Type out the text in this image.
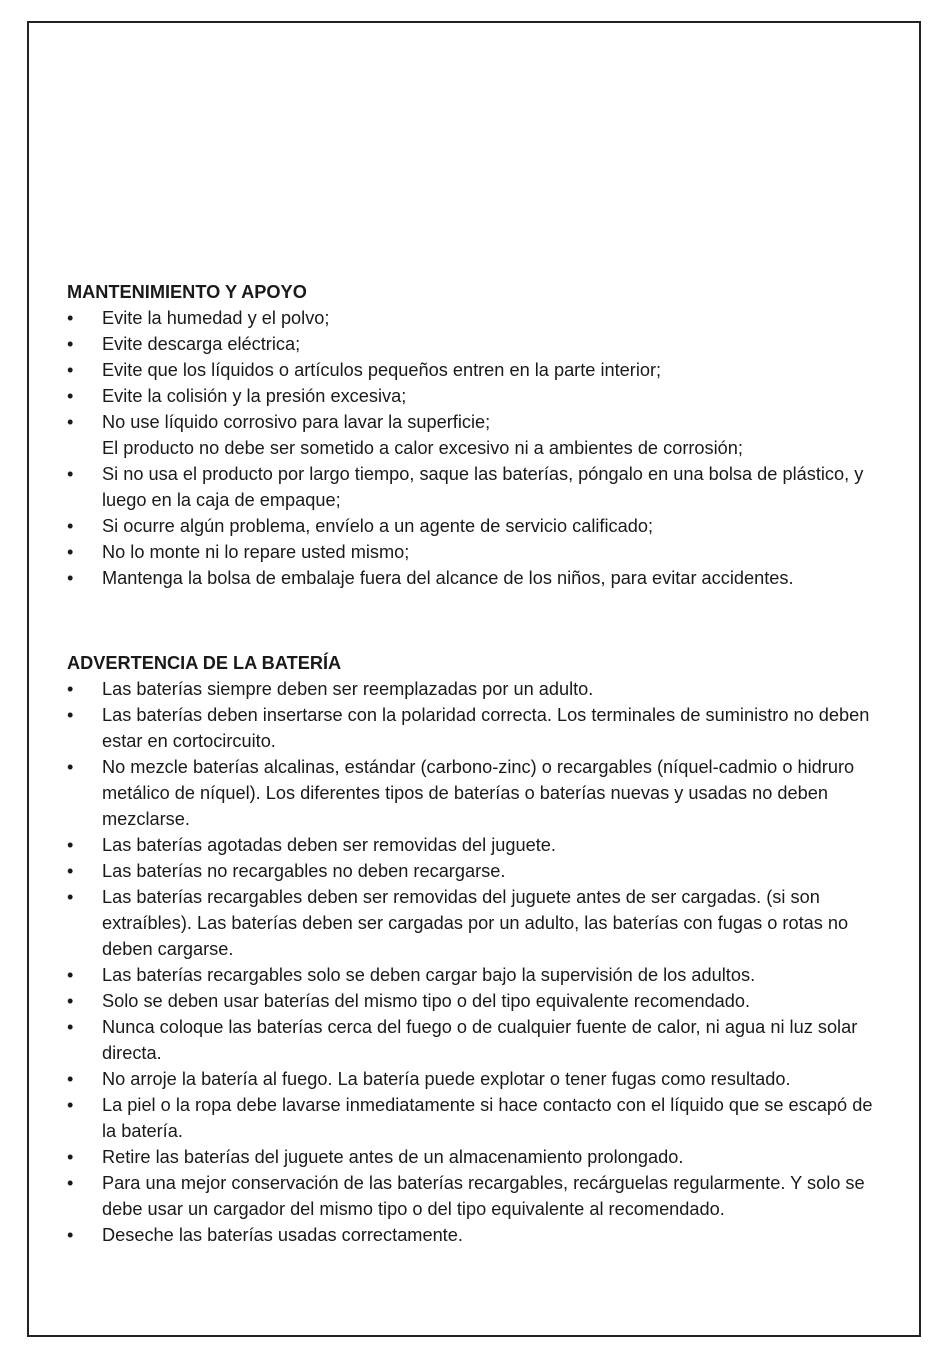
MANTENIMIENTO Y APOYO

•	Evite la humedad y el polvo;
•	Evite descarga eléctrica;
•	Evite que los líquidos o artículos pequeños entren en la parte interior;
•	Evite la colisión y la presión excesiva;
•	No use líquido corrosivo para lavar la superficie;
El producto no debe ser sometido a calor excesivo ni a ambientes de corrosión;
•	Si no usa el producto por largo tiempo, saque las baterías, póngalo en una bolsa de plástico, y luego en la caja de empaque;
•	Si ocurre algún problema, envíelo a un agente de servicio calificado;
•	No lo monte ni lo repare usted mismo;
•	Mantenga la bolsa de embalaje fuera del alcance de los niños, para evitar accidentes.

ADVERTENCIA DE LA BATERÍA

•	Las baterías siempre deben ser reemplazadas por un adulto.
•	Las baterías deben insertarse con la polaridad correcta. Los terminales de suministro no deben estar en cortocircuito.
•	No mezcle baterías alcalinas, estándar (carbono-zinc) o recargables (níquel-cadmio o hidruro metálico de níquel). Los diferentes tipos de baterías o baterías nuevas y usadas no deben mezclarse.
•	Las baterías agotadas deben ser removidas del juguete.
•	Las baterías no recargables no deben recargarse.
•	Las baterías recargables deben ser removidas del juguete antes de ser cargadas. (si son extraíbles). Las baterías deben ser cargadas por un adulto, las baterías con fugas o rotas no deben cargarse.
•	Las baterías recargables solo se deben cargar bajo la supervisión de los adultos.
•	Solo se deben usar baterías del mismo tipo o del tipo equivalente recomendado.
•	Nunca coloque las baterías cerca del fuego o de cualquier fuente de calor, ni agua ni luz solar directa.
•	No arroje la batería al fuego. La batería puede explotar o tener fugas como resultado.
•	La piel o la ropa debe lavarse inmediatamente si hace contacto con el líquido que se escapó de la batería.
•	Retire las baterías del juguete antes de un almacenamiento prolongado.
•	Para una mejor conservación de las baterías recargables, recárguelas regularmente. Y solo se debe usar un cargador del mismo tipo o del tipo equivalente al recomendado.
•	Deseche las baterías usadas correctamente.
